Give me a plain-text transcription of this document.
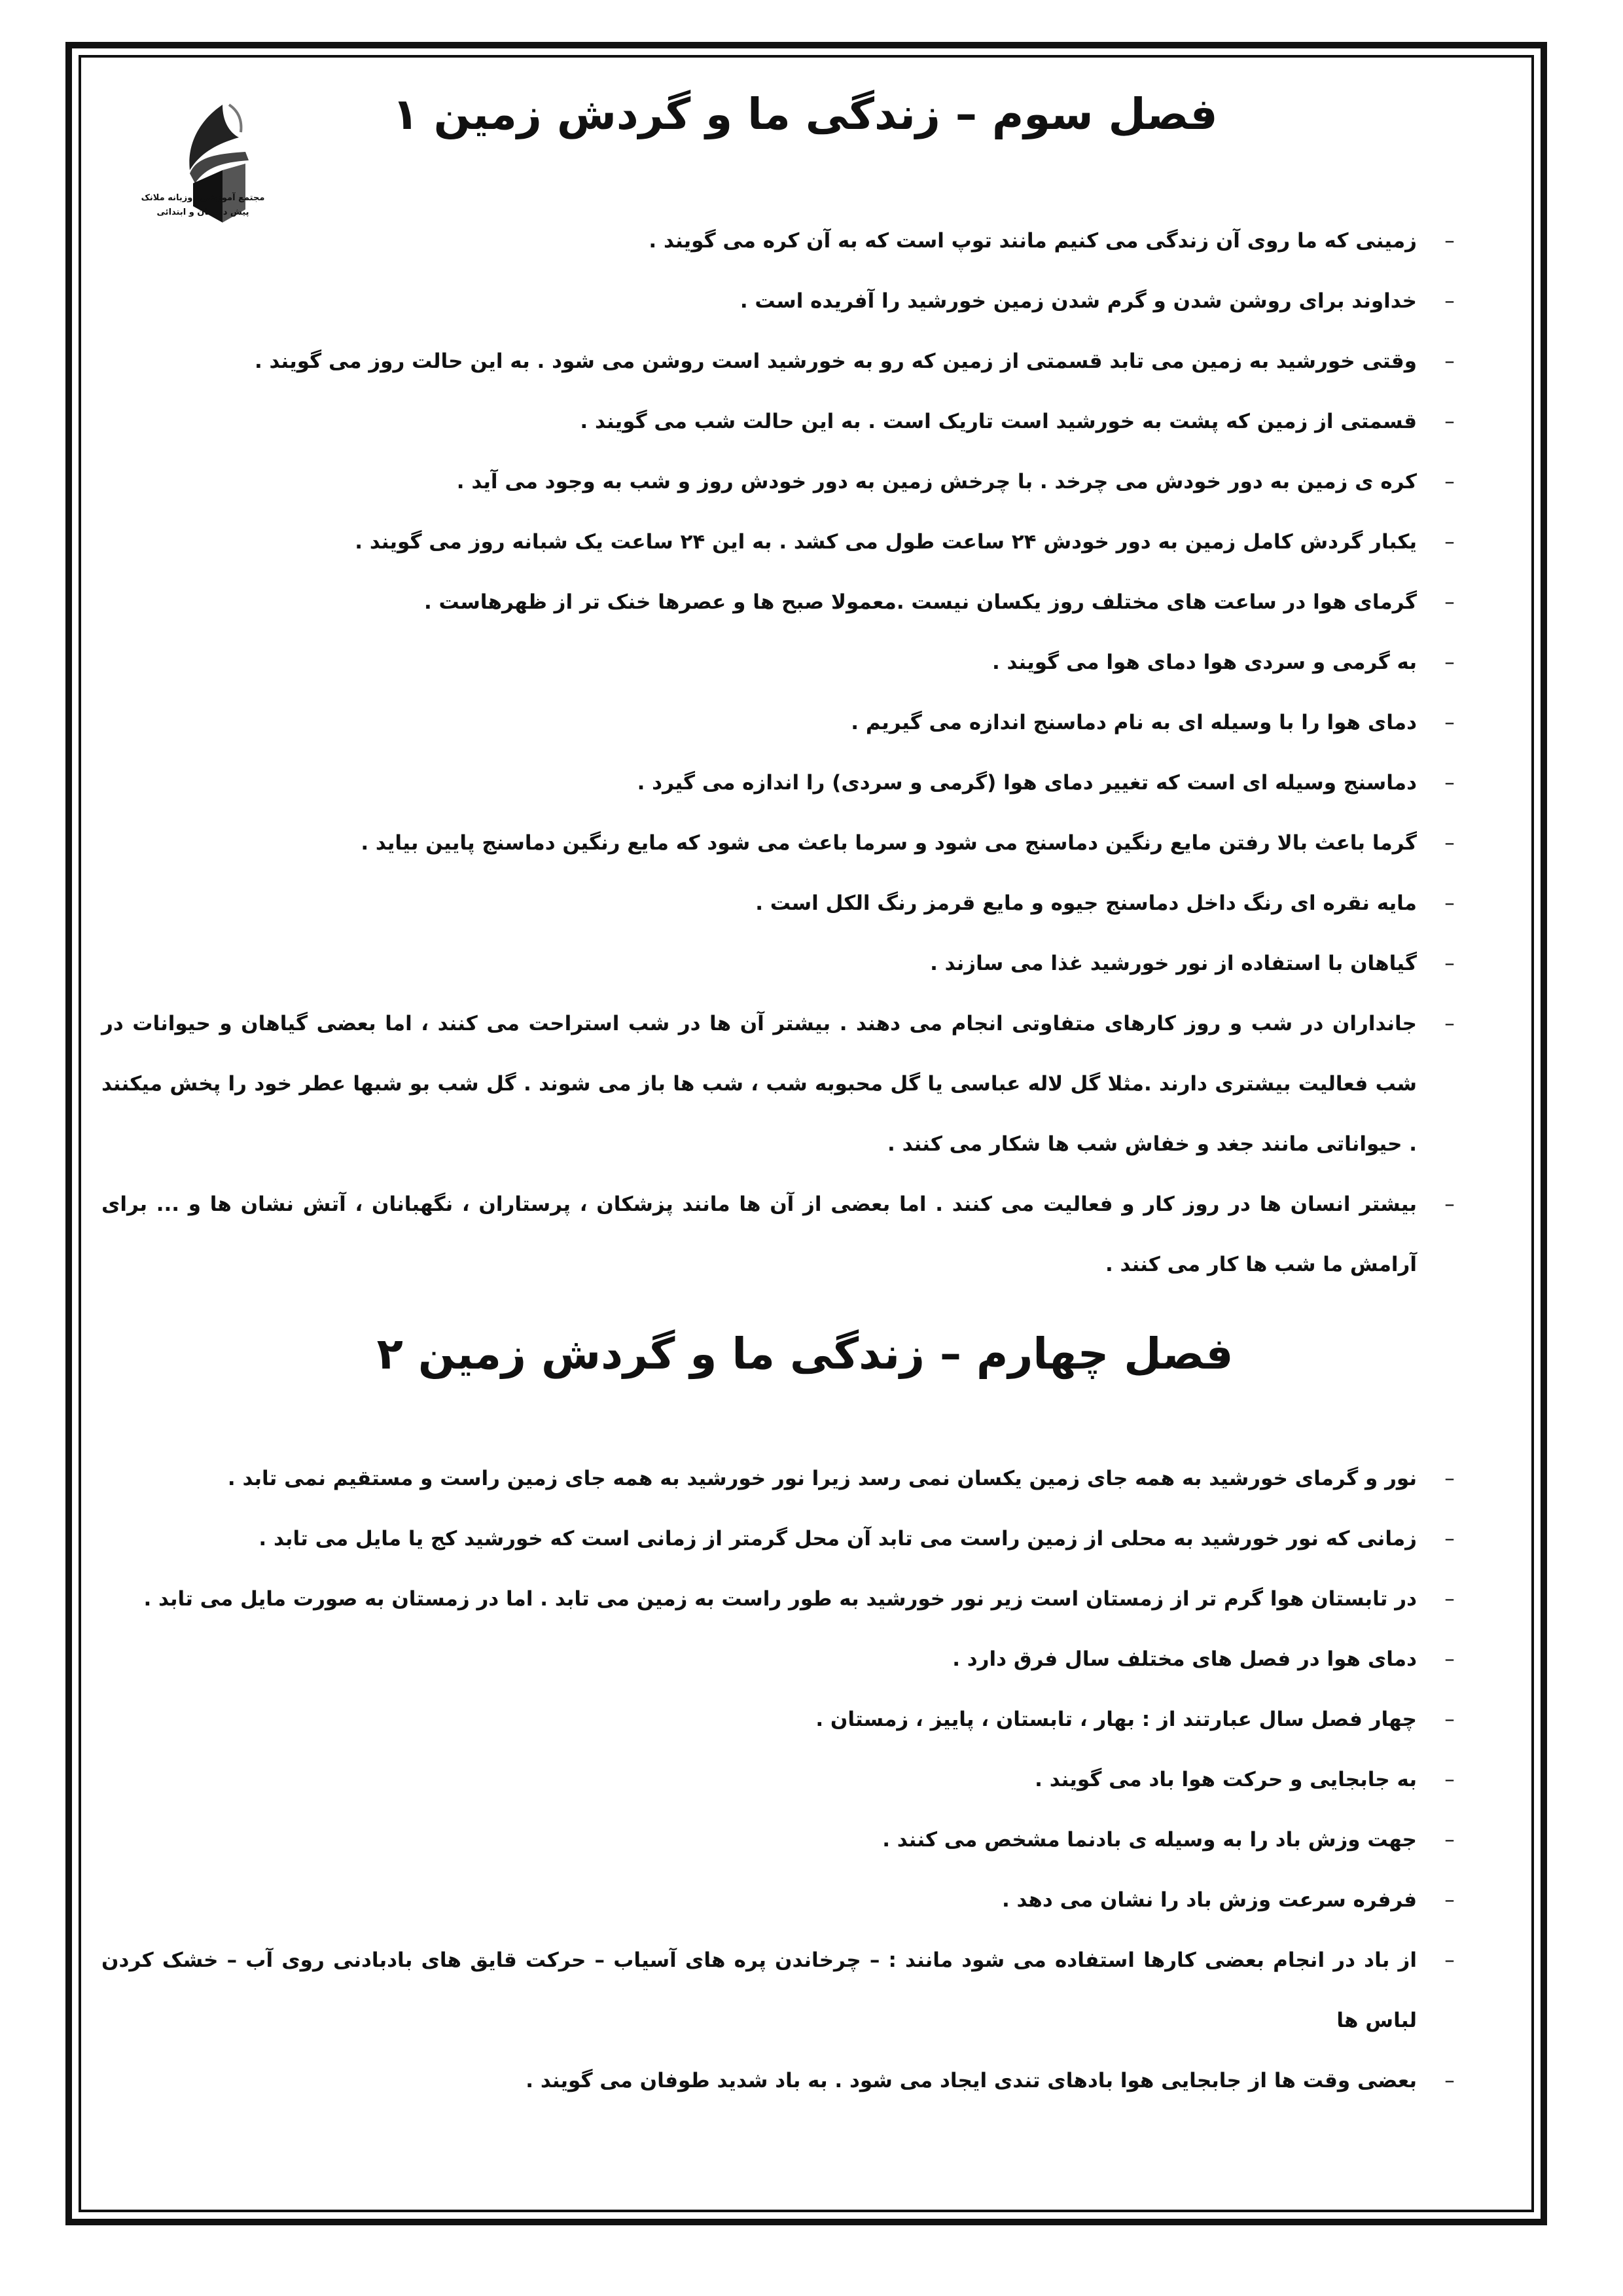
مجتمع آموزشی دوزبانه ملانک
پیش دبستان و ابتدائی
فصل سوم – زندگی ما و گردش زمین ۱
–
زمینی که ما روی آن زندگی می کنیم مانند توپ است که به آن کره می گویند .
–
خداوند برای روشن شدن و گرم شدن زمین خورشید را آفریده است .
–
وقتی خورشید به زمین می تابد قسمتی از زمین که رو به خورشید است روشن می شود . به این حالت روز می گویند .
–
قسمتی از زمین که پشت به خورشید است تاریک است . به این حالت شب می گویند .
–
کره ی زمین به دور خودش می چرخد . با چرخش زمین به دور خودش روز و شب به وجود می آید .
–
یکبار گردش کامل زمین به دور خودش ۲۴ ساعت طول می کشد . به این ۲۴ ساعت یک شبانه روز می گویند .
–
گرمای هوا در ساعت های مختلف روز یکسان نیست .معمولا صبح ها و عصرها خنک تر از ظهرهاست .
–
به گرمی و سردی هوا دمای هوا می گویند .
–
دمای هوا را با وسیله ای به نام دماسنج اندازه می گیریم .
–
دماسنج وسیله ای است که تغییر دمای هوا (گرمی و سردی) را اندازه می گیرد .
–
گرما باعث بالا رفتن مایع رنگین دماسنج می شود و سرما باعث می شود که مایع رنگین دماسنج پایین بیاید .
–
مایه نقره ای رنگ داخل دماسنج جیوه و مایع قرمز رنگ الکل است .
–
گیاهان با استفاده از نور خورشید غذا می سازند .
–
جانداران در شب و روز کارهای متفاوتی انجام می دهند . بیشتر آن ها در شب استراحت می کنند ، اما بعضی گیاهان و حیوانات در شب فعالیت بیشتری دارند .مثلا گل لاله عباسی یا گل محبوبه شب ، شب ها باز می شوند . گل شب بو شبها عطر خود را پخش میکنند . حیواناتی مانند جغد و خفاش شب ها شکار می کنند .
–
بیشتر انسان ها در روز کار و فعالیت می کنند . اما بعضی از آن ها مانند پزشکان ، پرستاران ، نگهبانان ، آتش نشان ها و ... برای آرامش ما شب ها کار می کنند .
فصل چهارم – زندگی ما و گردش زمین ۲
–
نور و گرمای خورشید به همه جای زمین یکسان نمی رسد زیرا نور خورشید به همه جای زمین راست و مستقیم نمی تابد .
–
زمانی که نور خورشید به محلی از زمین راست می تابد آن محل گرمتر از زمانی است که خورشید کج یا مایل می تابد .
–
در تابستان هوا گرم تر از زمستان است زیر نور خورشید به طور راست به زمین می تابد . اما در زمستان به صورت مایل می تابد .
–
دمای هوا در فصل های مختلف سال فرق دارد .
–
چهار فصل سال عبارتند از : بهار ، تابستان ، پاییز ، زمستان .
–
به جابجایی و حرکت هوا باد می گویند .
–
جهت وزش باد را به وسیله ی بادنما مشخص می کنند .
–
فرفره سرعت وزش باد را نشان می دهد .
–
از باد در انجام بعضی کارها استفاده می شود مانند : – چرخاندن پره های آسیاب – حرکت قایق های بادبادنی روی آب – خشک کردن لباس ها
–
بعضی وقت ها از جابجایی هوا بادهای تندی ایجاد می شود . به باد شدید طوفان می گویند .
